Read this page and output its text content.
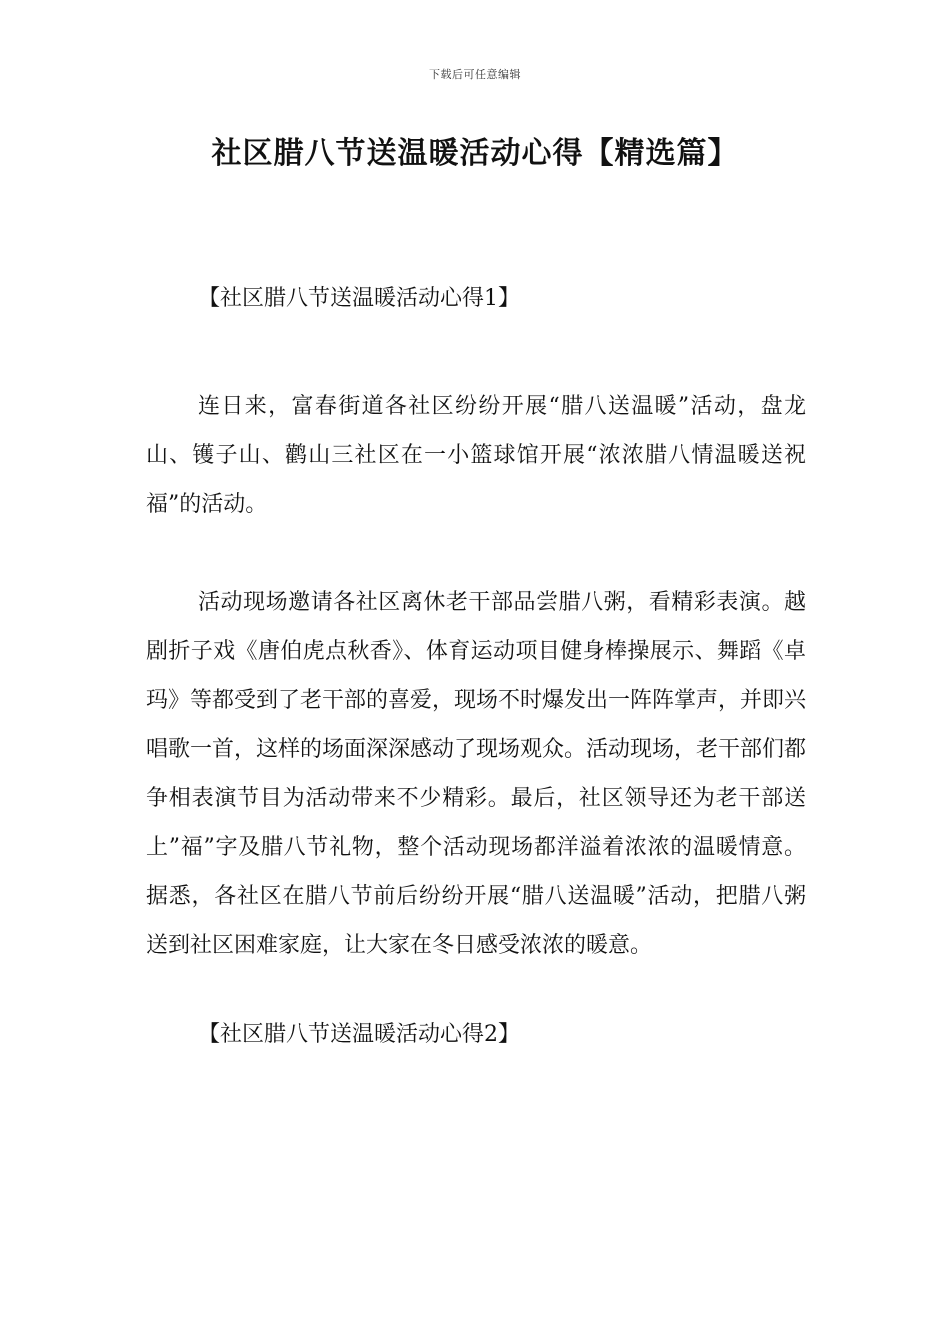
下载后可任意编辑
社区腊八节送温暖活动心得【精选篇】

【社区腊八节送温暖活动心得1】

连日来，富春街道各社区纷纷开展“腊八送温暖”活动，盘龙山、镬子山、鹳山三社区在一小篮球馆开展“浓浓腊八情温暖送祝福”的活动。

活动现场邀请各社区离休老干部品尝腊八粥，看精彩表演。越剧折子戏《唐伯虎点秋香》、体育运动项目健身棒操展示、舞蹈《卓玛》等都受到了老干部的喜爱，现场不时爆发出一阵阵掌声，并即兴唱歌一首，这样的场面深深感动了现场观众。活动现场，老干部们都争相表演节目为活动带来不少精彩。最后，社区领导还为老干部送上”福”字及腊八节礼物，整个活动现场都洋溢着浓浓的温暖情意。据悉，各社区在腊八节前后纷纷开展“腊八送温暖”活动，把腊八粥送到社区困难家庭，让大家在冬日感受浓浓的暖意。

【社区腊八节送温暖活动心得2】
